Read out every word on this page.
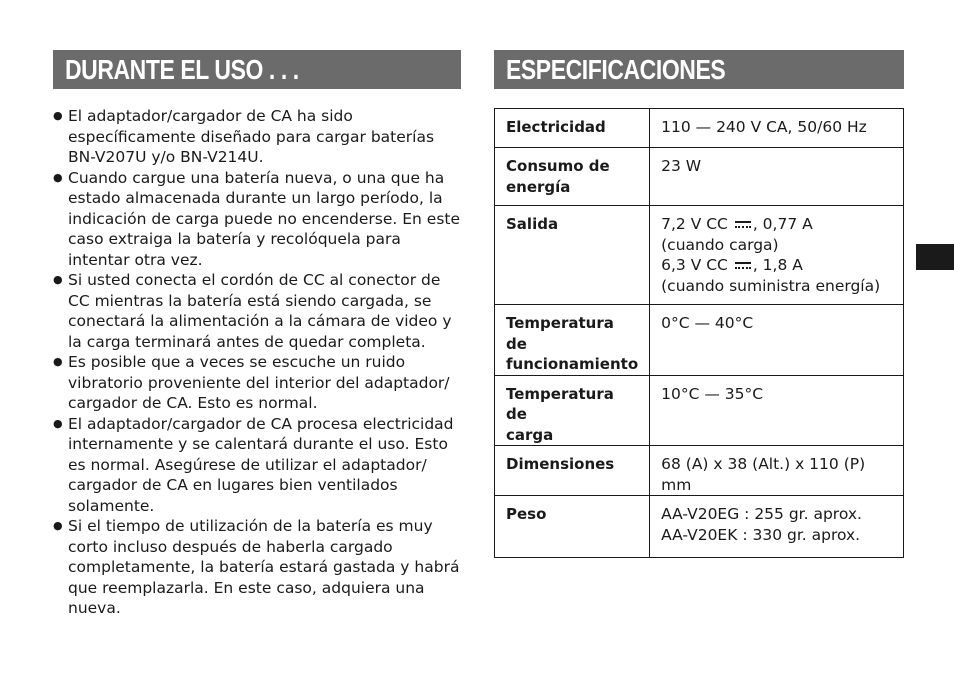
DURANTE EL USO . . .	ESPECIFICACIONES
● El adaptador/cargador de CA ha sido específicamente diseñado para cargar baterías BN-V207U y/o BN-V214U.
● Cuando cargue una batería nueva, o una que ha estado almacenada durante un largo período, la indicación de carga puede no encenderse. En este caso extraiga la batería y recolóquela para intentar otra vez.
● Si usted conecta el cordón de CC al conector de CC mientras la batería está siendo cargada, se conectará la alimentación a la cámara de video y la carga terminará antes de quedar completa.
● Es posible que a veces se escuche un ruido vibratorio proveniente del interior del adaptador/ cargador de CA. Esto es normal.
● El adaptador/cargador de CA procesa electricidad internamente y se calentará durante el uso. Esto es normal. Asegúrese de utilizar el adaptador/ cargador de CA en lugares bien ventilados solamente.
● Si el tiempo de utilización de la batería es muy corto incluso después de haberla cargado completamente, la batería estará gastada y habrá que reemplazarla. En este caso, adquiera una nueva.
Electricidad	110 — 240 V CA, 50/60 Hz
Consumo de
energía	23 W
Salida	7,2 V CC , 0,77 A
(cuando carga)
6,3 V CC , 1,8 A
(cuando suministra energía)
Temperatura de
funcionamiento	0°C — 40°C
Temperatura de
carga	10°C — 35°C
Dimensiones	68 (A) x 38 (Alt.) x 110 (P) mm
Peso	AA-V20EG : 255 gr. aprox.
AA-V20EK : 330 gr. aprox.
